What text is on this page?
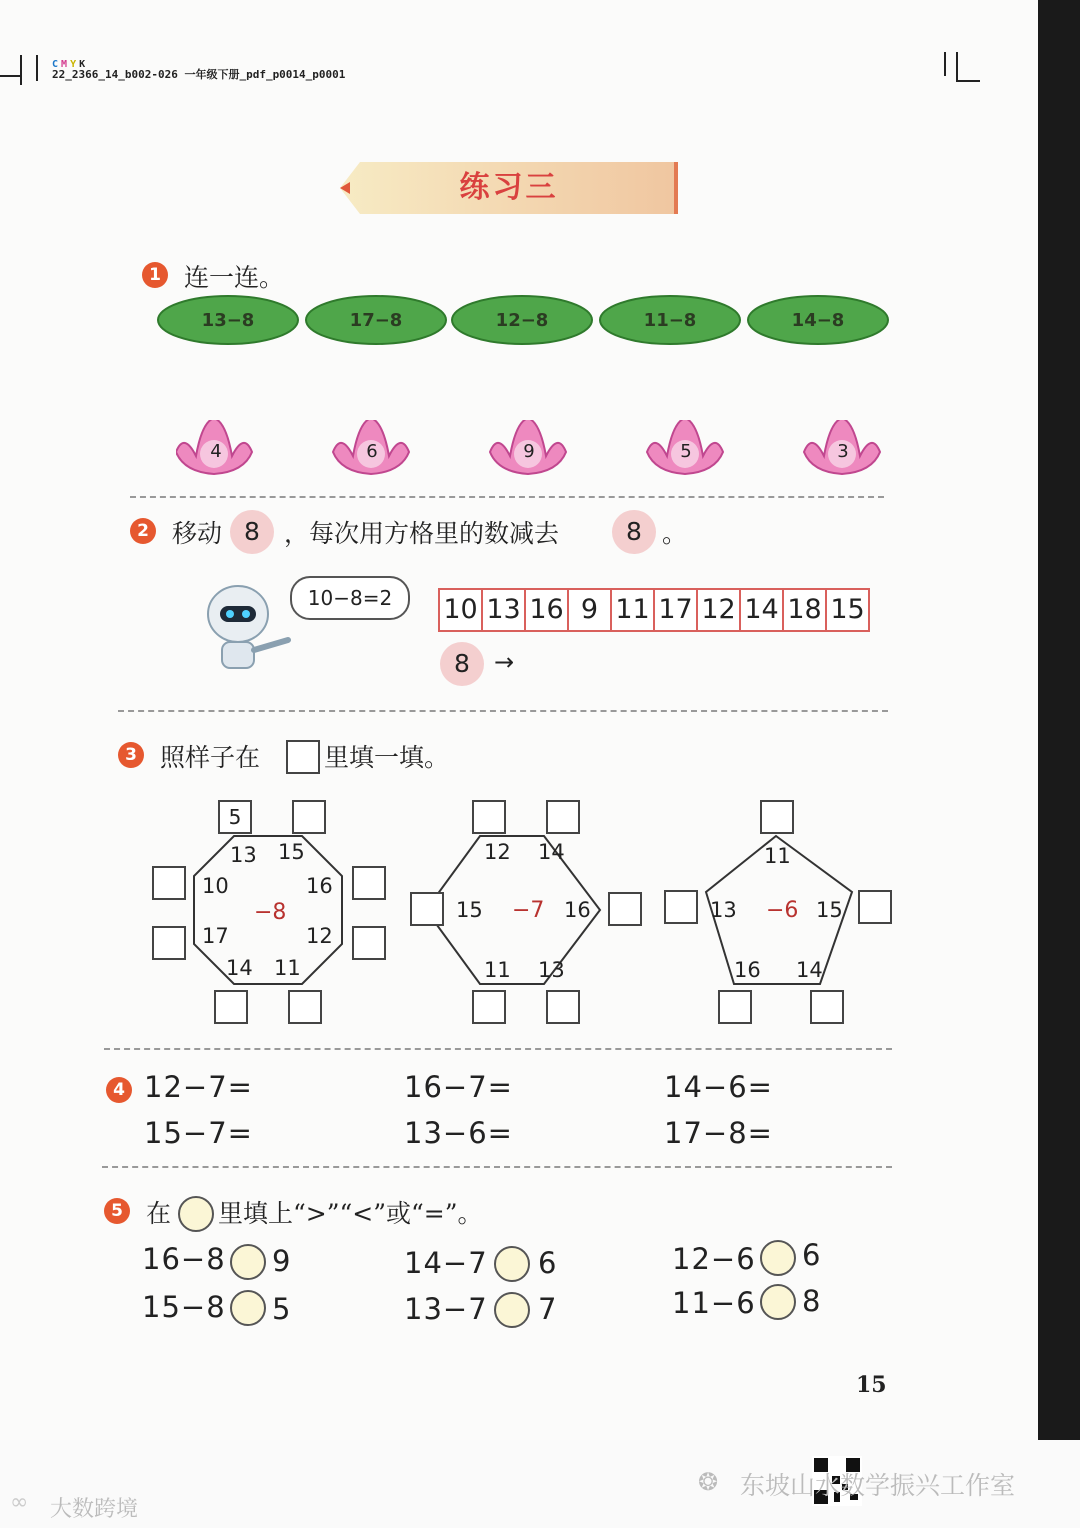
C M Y K
22_2366_14_b002-026 一年级下册_pdf_p0014_p0001
练习三
1 连一连。
13−8	17−8	12−8	11−8	14−8
4	6	9	5	3
2 移动 8 ，每次用方格里的数减去	8 。
10−8=2	10 13 16 9 11 17 12 14 18 15
8	→
3 照样子在	里填一填。
13 15
16
12
11
14
17
10
−8
5
12 14
16
13
11
15 −7
11
15
14
16
13 −6
4 12−7=	16−7=	14−6=
15−7=	13−6=	17−8=
5 在 里填上“>”“<”或“=”。
16−8 9	14−7 6	12−6 6
15−8 5	13−7 7	11−6 8
15
∞ 大数跨境
❂ 东坡山水数学振兴工作室
